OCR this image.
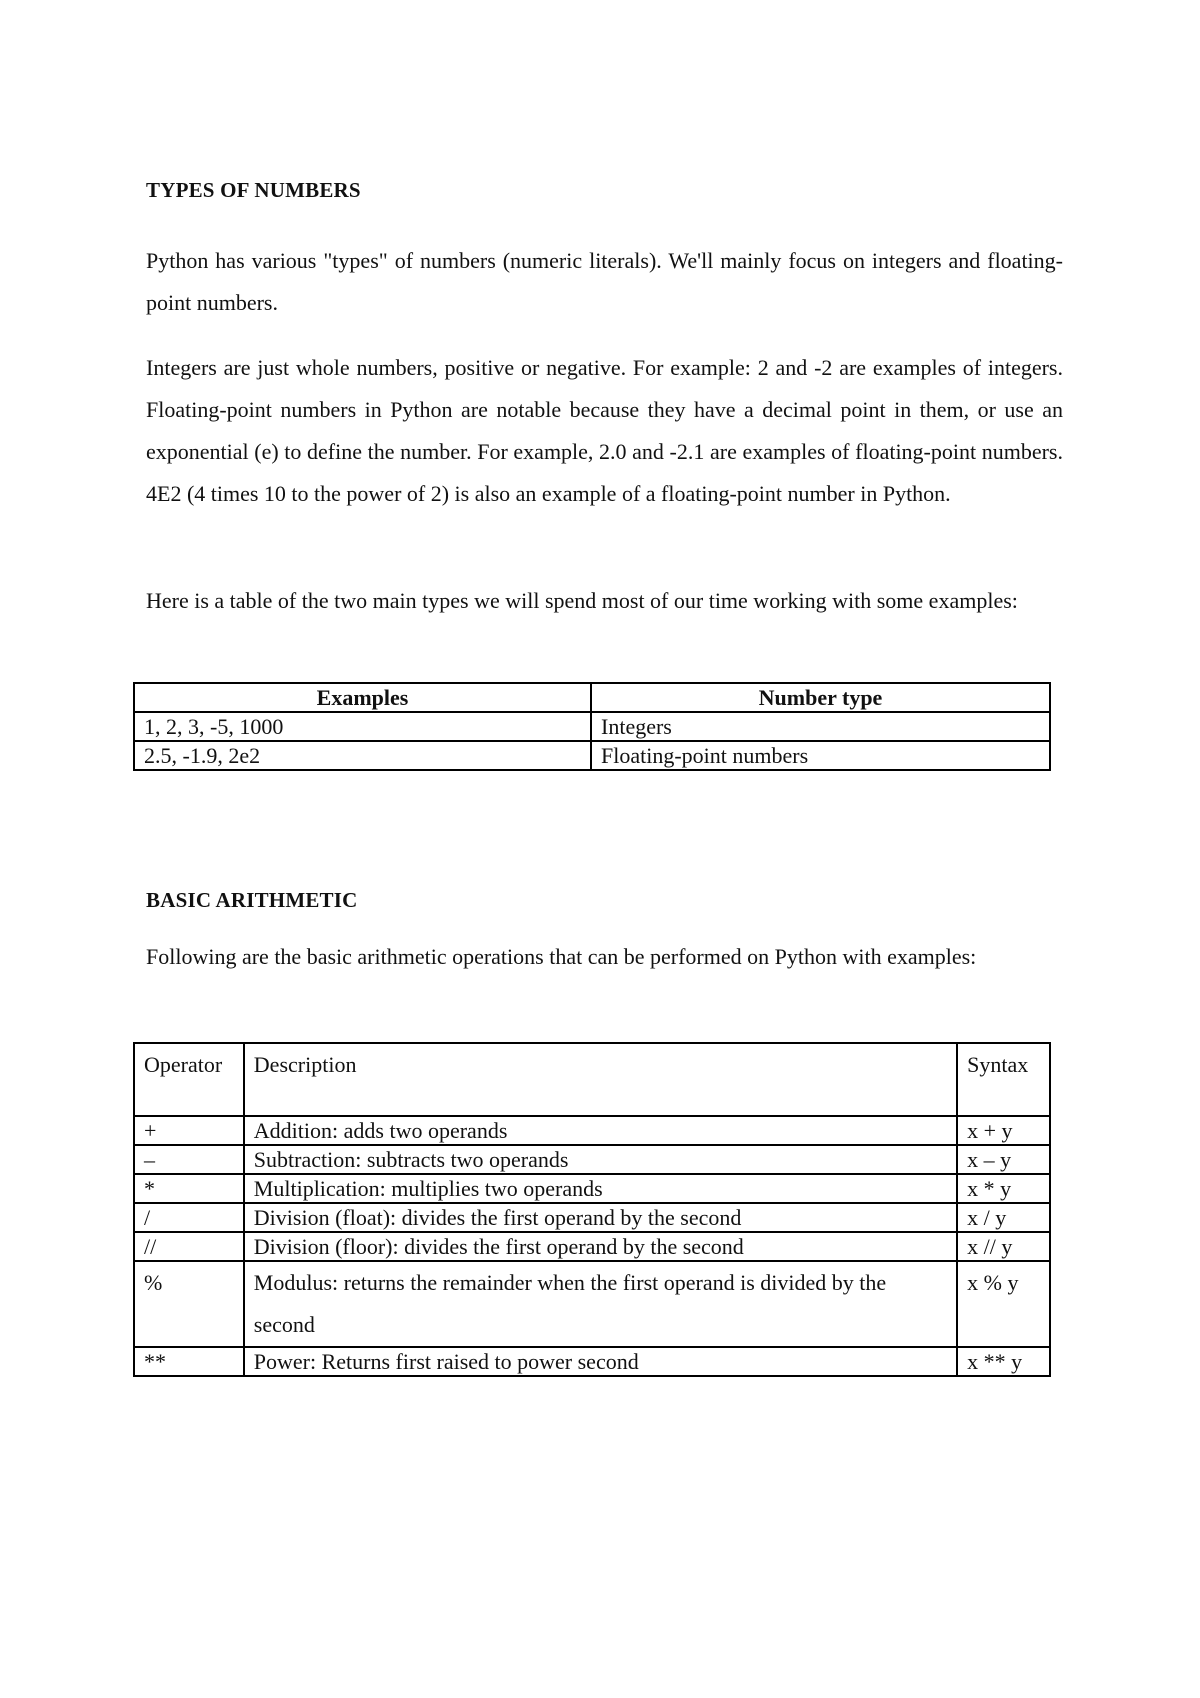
TYPES OF NUMBERS

Python has various "types" of numbers (numeric literals). We'll mainly focus on integers and floating-point numbers.

Integers are just whole numbers, positive or negative. For example: 2 and -2 are examples of integers. Floating-point numbers in Python are notable because they have a decimal point in them, or use an exponential (e) to define the number. For example, 2.0 and -2.1 are examples of floating-point numbers. 4E2 (4 times 10 to the power of 2) is also an example of a floating-point number in Python.

Here is a table of the two main types we will spend most of our time working with some examples:

Examples	Number type
1, 2, 3, -5, 1000	Integers
2.5, -1.9, 2e2	Floating-point numbers
BASIC ARITHMETIC

Following are the basic arithmetic operations that can be performed on Python with examples:

Operator	Description	Syntax
+	Addition: adds two operands	x + y
–	Subtraction: subtracts two operands	x – y
*	Multiplication: multiplies two operands	x * y
/	Division (float): divides the first operand by the second	x / y
//	Division (floor): divides the first operand by the second	x // y
%	Modulus: returns the remainder when the first operand is divided by the second	x % y
**	Power: Returns first raised to power second	x ** y
